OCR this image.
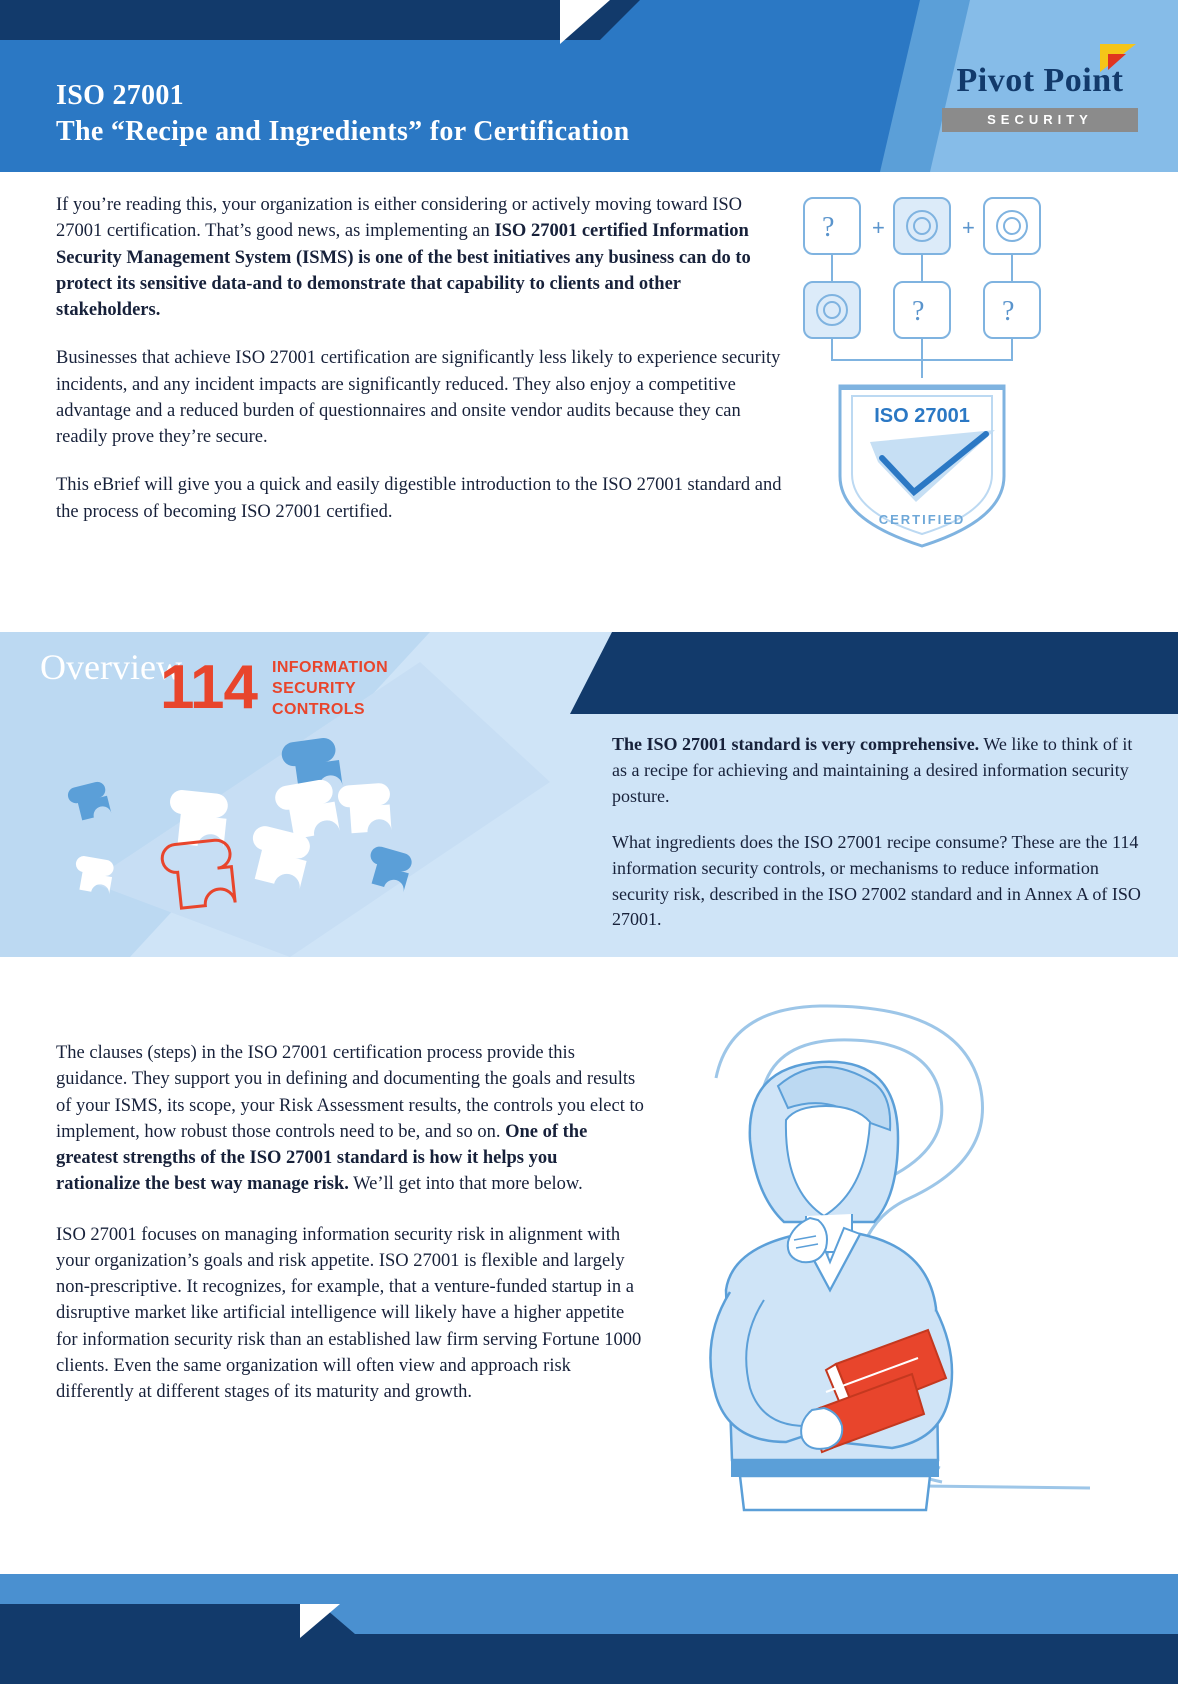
ISO 27001
The “Recipe and Ingredients” for Certification
Pivot Point
SECURITY

If you’re reading this, your organization is either considering or actively moving toward ISO 27001 certification. That’s good news, as implementing an ISO 27001 certified Information Security Management System (ISMS) is one of the best initiatives any business can do to protect its sensitive data-and to demonstrate that capability to clients and other stakeholders.

Businesses that achieve ISO 27001 certification are significantly less likely to experience security incidents, and any incident impacts are significantly reduced. They also enjoy a competitive advantage and a reduced burden of questionnaires and onsite vendor audits because they can readily prove they’re secure.

This eBrief will give you a quick and easily digestible introduction to the ISO 27001 standard and the process of becoming ISO 27001 certified.

+	+
?
?	?
ISO 27001
CERTIFIED
Overview
114 INFORMATION
SECURITY
CONTROLS

The ISO 27001 standard is very comprehensive. We like to think of it as a recipe for achieving and maintaining a desired information security posture.

What ingredients does the ISO 27001 recipe consume? These are the 114 information security controls, or mechanisms to reduce information security risk, described in the ISO 27002 standard and in Annex A of ISO 27001.

The clauses (steps) in the ISO 27001 certification process provide this guidance. They support you in defining and documenting the goals and results of your ISMS, its scope, your Risk Assessment results, the controls you elect to implement, how robust those controls need to be, and so on. One of the greatest strengths of the ISO 27001 standard is how it helps you rationalize the best way manage risk. We’ll get into that more below.

ISO 27001 focuses on managing information security risk in alignment with your organization’s goals and risk appetite. ISO 27001 is flexible and largely non-prescriptive. It recognizes, for example, that a venture-funded startup in a disruptive market like artificial intelligence will likely have a higher appetite for information security risk than an established law firm serving Fortune 1000 clients. Even the same organization will often view and approach risk differently at different stages of its maturity and growth.
